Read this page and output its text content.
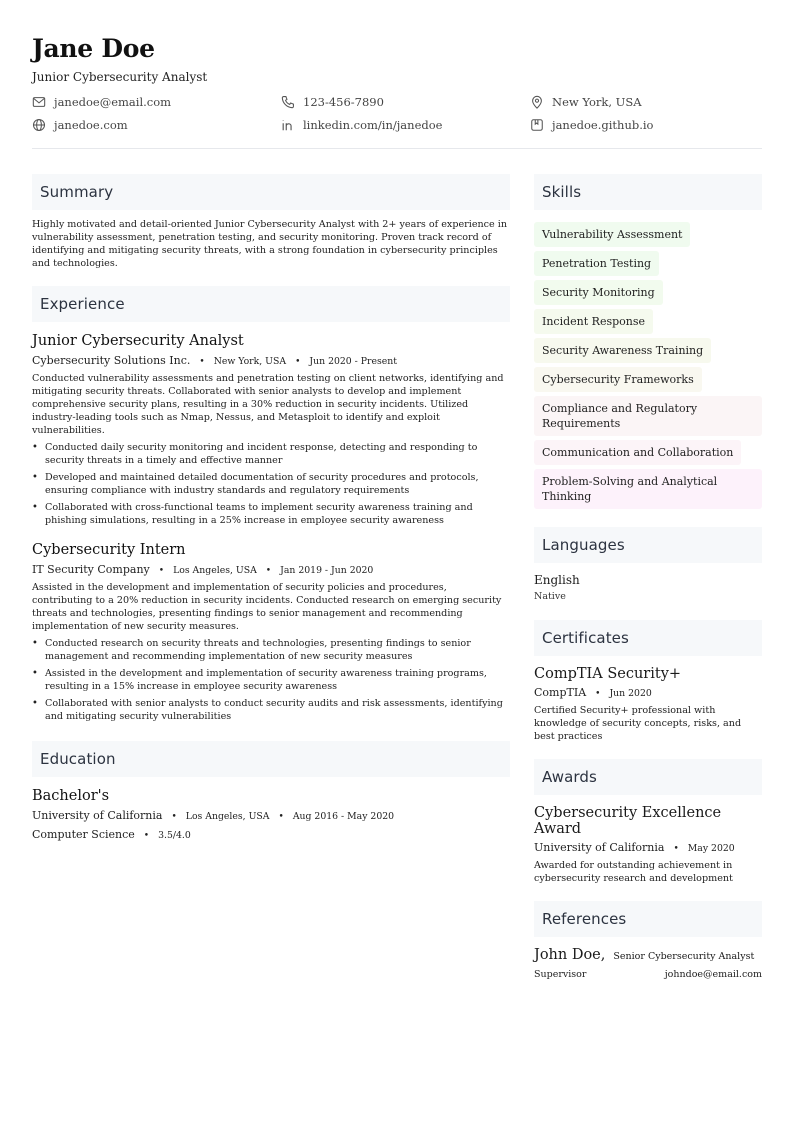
Jane Doe
Junior Cybersecurity Analyst
janedoe@email.com	123-456-7890	New York, USA
janedoe.com	linkedin.com/in/janedoe	janedoe.github.io
Summary
Highly motivated and detail-oriented Junior Cybersecurity Analyst with 2+ years of experience in vulnerability assessment, penetration testing, and security monitoring. Proven track record of identifying and mitigating security threats, with a strong foundation in cybersecurity principles and technologies.
Experience
Junior Cybersecurity Analyst
Cybersecurity Solutions Inc. • New York, USA • Jun 2020 - Present
Conducted vulnerability assessments and penetration testing on client networks, identifying and mitigating security threats. Collaborated with senior analysts to develop and implement comprehensive security plans, resulting in a 30% reduction in security incidents. Utilized industry-leading tools such as Nmap, Nessus, and Metasploit to identify and exploit vulnerabilities.
• Conducted daily security monitoring and incident response, detecting and responding to security threats in a timely and effective manner
• Developed and maintained detailed documentation of security procedures and protocols, ensuring compliance with industry standards and regulatory requirements
• Collaborated with cross-functional teams to implement security awareness training and phishing simulations, resulting in a 25% increase in employee security awareness
Cybersecurity Intern
IT Security Company • Los Angeles, USA • Jan 2019 - Jun 2020
Assisted in the development and implementation of security policies and procedures, contributing to a 20% reduction in security incidents. Conducted research on emerging security threats and technologies, presenting findings to senior management and recommending implementation of new security measures.
• Conducted research on security threats and technologies, presenting findings to senior management and recommending implementation of new security measures
• Assisted in the development and implementation of security awareness training programs, resulting in a 15% increase in employee security awareness
• Collaborated with senior analysts to conduct security audits and risk assessments, identifying and mitigating security vulnerabilities
Education
Bachelor's
University of California • Los Angeles, USA • Aug 2016 - May 2020
Computer Science • 3.5/4.0
Skills
Vulnerability Assessment
Penetration Testing
Security Monitoring
Incident Response
Security Awareness Training
Cybersecurity Frameworks
Compliance and Regulatory Requirements
Communication and Collaboration
Problem-Solving and Analytical Thinking
Languages
English
Native
Certificates
CompTIA Security+
CompTIA • Jun 2020
Certified Security+ professional with knowledge of security concepts, risks, and best practices
Awards
Cybersecurity Excellence Award
University of California • May 2020
Awarded for outstanding achievement in cybersecurity research and development
References
John Doe, Senior Cybersecurity Analyst
Supervisor	johndoe@email.com
